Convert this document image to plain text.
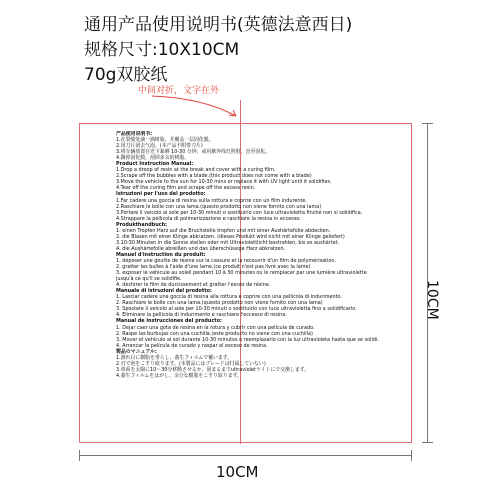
通用产品使用说明书(英德法意西日)
规格尺寸:10X10CM
70g双胶纸
中间对折，文字在外
产品使用说明书:
1.在裂缝处滴一滴树脂，并覆盖一层固化膜。
2.用刀片刮去气泡。(本产品不附带刀片)
3.将车辆放置在光下暴晒 10-30 分钟，或用紫外线灯照射，直至固化。
4.撕掉固化膜，刮掉多余的树脂。
Product Instruction Manual:
1.Drop a droop of resin at the break and cover with a curing film.
2.Scrape off the bubbles with a blade.(this product does not come with a blade)
3.Move the vehicle to the sun for 10-30 mins or replace it with UV light until it solidifies.
4.Tear off the curing film and scrape off the excess resin.
Istruzioni per l'uso del prodotto:
1.Far cadere una goccia di resina sulla rottura e coprire con un film indurente.
2.Raschiare le bolle con una lama.(questo prodotto non viene fornito con una lama)
3.Portare il veicolo al sole per 10-30 minuti o sostituirlo con luce ultravioletta finché non si solidifica.
4.Strappare la pellicola di polimerizzazione e raschiare la resina in eccesso.
Produkthandbuch:
1. einen Tropfen Harz auf die Bruchstelle tropfen und mit einer Aushärtefolie abdecken.
2. die Blasen mit einer Klinge abkratzen. (dieses Produkt wird nicht mit einer Klinge geliefert)
3.10-30 Minuten in die Sonne stellen oder mit Ultraviolettlicht bestrahlen, bis es aushärtet.
4. die Aushärtefolie abreißen und das überschüssige Harz abkratzen.
Manuel d'instruction du produit:
1. déposer une goutte de résine sur la cassure et la recouvrir d'un film de polymérisation.
2. gratter les bulles à l'aide d'une lame.(ce produit n'est pas livré avec la lame)
3. exposer le véhicule au soleil pendant 10 à 30 minutes ou le remplacer par une lumière ultraviolette
jusqu'à ce qu'il se solidifie.
4. déchirer le film de durcissement et gratter l'excès de résine.
Manuale di istruzioni del prodotto:
1. Lasciar cadere una goccia di resina alla rottura e coprire con una pellicola di indurimento.
2. Raschiare le bolle con una lama.(questo prodotto non viene fornito con una lama)
3. Spostare il veicolo al sole per 10-30 minuti o sostituirlo con luce ultravioletta fino a solidificarlo.
4. Eliminare la pellicola di indurimento e raschiare l'eccesso di resina.
Manual de instrucciones del producto:
1. Dejar caer una gota de resina en la rotura y cubrir con una película de curado.
2. Raspe las burbujas con una cuchilla.(este producto no viene con una cuchilla)
3. Mover el vehículo al sol durante 10-30 minutos o reemplazarlo con la luz ultravioleta hasta que se solidi.
4. Arrancar la película de curado y raspar el exceso de resina.
製品のマニュアル:
1.割れ目に樹脂を垂らし、養生フィルムで覆います。
2.刃で泡をこすり取ります。(本製品にはブレードは付属していない)
3.車両を太陽に10～30分移動させるか、固まるまでultravioletライトにで交換します。
4.養生フィルムをはがし、余分な樹脂をこすり取ります。
10CM
10CM
